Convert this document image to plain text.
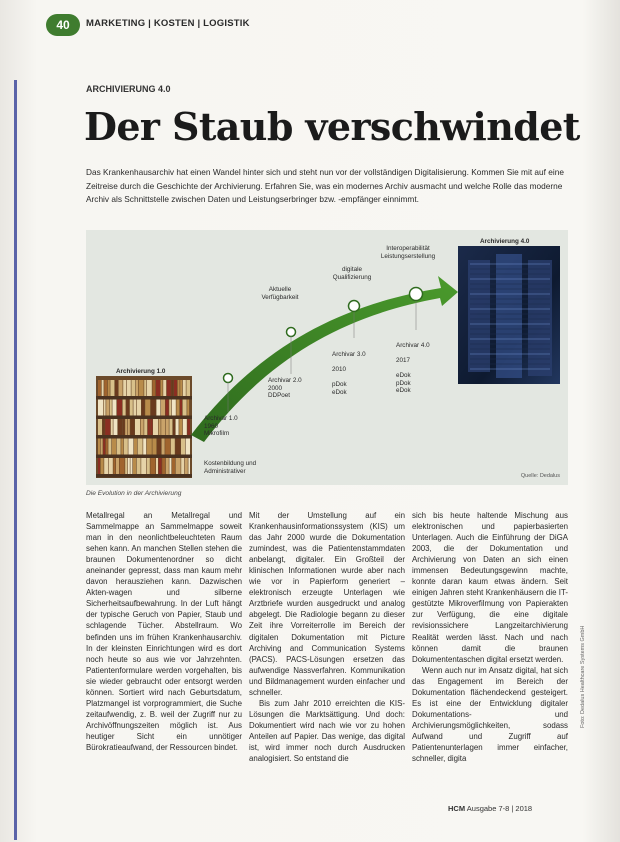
40	MARKETING | KOSTEN | LOGISTIK
ARCHIVIERUNG 4.0
Der Staub verschwindet

Das Krankenhausarchiv hat einen Wandel hinter sich und steht nun vor der vollständigen Digitalisierung. Kommen Sie mit auf eine Zeitreise durch die Geschichte der Archivierung. Erfahren Sie, was ein modernes Archiv ausmacht und welche Rolle das moderne Archiv als Schnittstelle zwischen Daten und Leistungserbringer bzw. -empfänger einnimmt.

Archivierung 1.0
Archivierung 4.0
Archivar 1.0
1960
Mikrofilm
Archivar 2.0
2000
DDPoet

Archivar 3.0

2010

pDok
eDok

Archivar 4.0

2017

eDok
pDok
eDok

Kostenbildung und Administrativer
Aktuelle Verfügbarkeit
digitale Qualifizierung
Interoperabilität Leistungserstellung
Quelle: Dedalus
Die Evolution in der Archivierung

Metallregal an Metallregal und Sammelmappe an Sammelmappe soweit man in den neonlichtbeleuchteten Raum sehen kann. An manchen Stellen stehen die braunen Dokumentenordner so dicht aneinander gepresst, dass man kaum mehr davon herausziehen kann. Dazwischen Akten-wagen und silberne Sicherheitsaufbewahrung. In der Luft hängt der typische Geruch von Papier, Staub und schlagende Tücher. Abstellraum. Wo befinden uns im frühen Krankenhausarchiv. In der kleinsten Einrichtungen wird es dort noch heute so aus wie vor Jahrzehnten. Patientenformulare werden vorgehalten, bis sie wieder gebraucht oder entsorgt werden können. Sortiert wird nach Geburtsdatum, Platzmangel ist vorprogrammiert, die Suche zeitaufwendig, z. B. weil der Zugriff nur zu Archivöffnungszeiten möglich ist. Aus heutiger Sicht ein unnötiger Bürokratieaufwand, der Ressourcen bindet.

Mit der Umstellung auf ein Krankenhausinformationssystem (KIS) um das Jahr 2000 wurde die Dokumentation zumindest, was die Patientenstammdaten anbelangt, digitaler. Ein Großteil der klinischen Informationen wurde aber nach wie vor in Papierform generiert – elektronisch erzeugte Unterlagen wie Arztbriefe wurden ausgedruckt und analog abgelegt. Die Radiologie begann zu dieser Zeit ihre Vorreiterrolle im Bereich der digitalen Dokumentation mit Picture Archiving and Communication Systems (PACS). PACS-Lösungen ersetzen das aufwendige Nassverfahren. Kommunikation und Bildmanagement wurden einfacher und schneller.

Bis zum Jahr 2010 erreichten die KIS-Lösungen die Marktsättigung. Und doch: Dokumentiert wird nach wie vor zu hohen Anteilen auf Papier. Das wenige, das digital ist, wird immer noch durch Ausdrucken analogisiert. So entstand die

sich bis heute haltende Mischung aus elektronischen und papierbasierten Unterlagen. Auch die Einführung der DiGA 2003, die der Dokumentation und Archivierung von Daten an sich einen immensen Bedeutungsgewinn machte, konnte daran kaum etwas ändern. Seit einigen Jahren steht Krankenhäusern die IT-gestützte Mikroverfilmung von Papierakten zur Verfügung, die eine digitale revisionssichere Langzeitarchivierung Realität werden lässt. Nach und nach können damit die braunen Dokumententaschen digital ersetzt werden.

Wenn auch nur im Ansatz digital, hat sich das Engagement im Bereich der Dokumentation flächendeckend gesteigert. Es ist eine der Entwicklung digitaler Dokumentations- und Archivierungsmöglichkeiten, sodass Aufwand und Zugriff auf Patientenunterlagen immer einfacher, schneller, digita

HCM Ausgabe 7-8 | 2018
Foto: Dedalus Healthcare Systems GmbH
